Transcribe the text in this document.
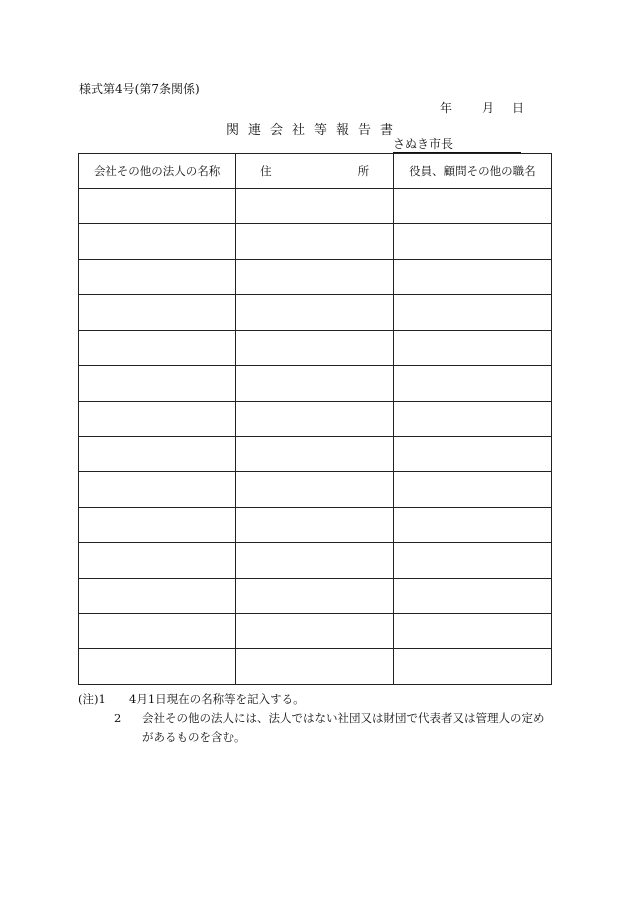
様式第4号(第7条関係)
年 月 日
関連会社等報告書
さぬき市長
会社その他の法人の名称	住 所	役員、顧問その他の職名

(注)1	4月1日現在の名称等を記入する。
2	会社その他の法人には、法人ではない社団又は財団で代表者又は管理人の定めがあるものを含む。
